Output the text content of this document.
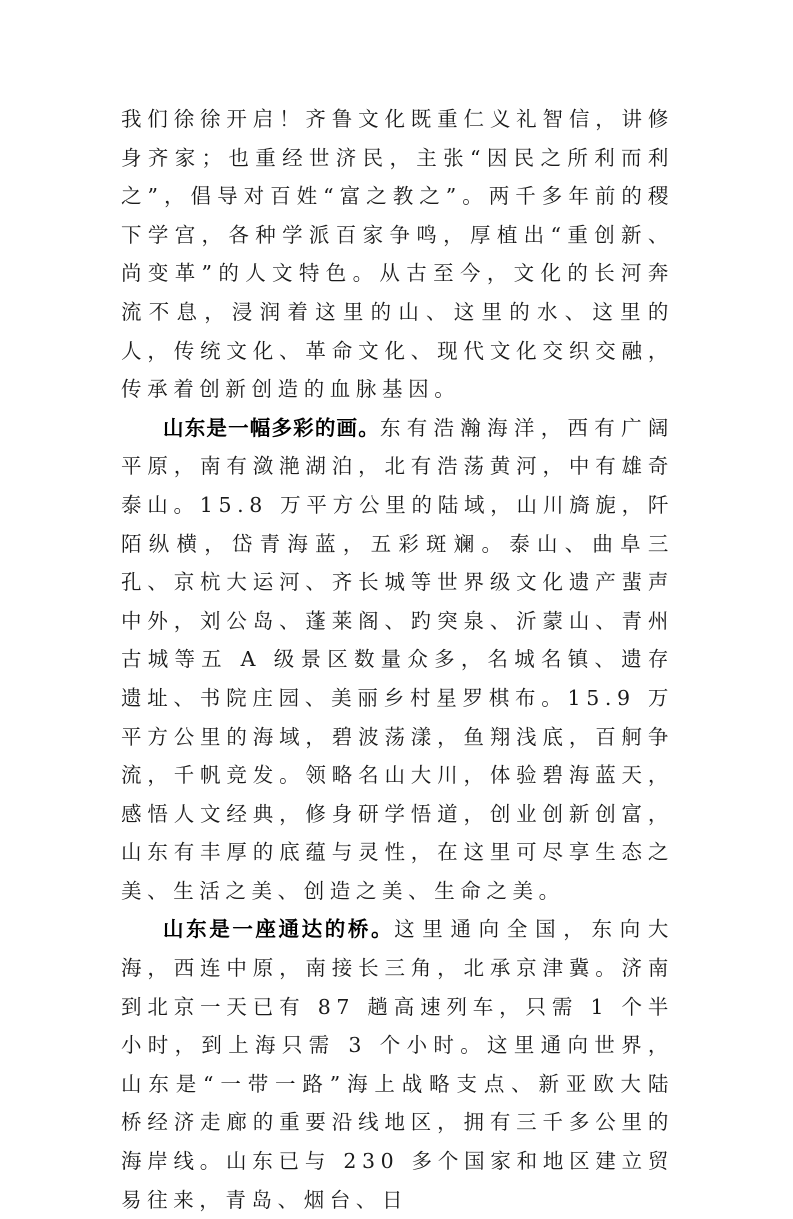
我们徐徐开启！齐鲁文化既重仁义礼智信，讲修身齐家；也重经世济民，主张“因民之所利而利之”，倡导对百姓“富之教之”。两千多年前的稷下学宫，各种学派百家争鸣，厚植出“重创新、尚变革”的人文特色。从古至今，文化的长河奔流不息，浸润着这里的山、这里的水、这里的人，传统文化、革命文化、现代文化交织交融，传承着创新创造的血脉基因。

山东是一幅多彩的画。东有浩瀚海洋，西有广阔平原，南有潋滟湖泊，北有浩荡黄河，中有雄奇泰山。15.8 万平方公里的陆域，山川旖旎，阡陌纵横，岱青海蓝，五彩斑斓。泰山、曲阜三孔、京杭大运河、齐长城等世界级文化遗产蜚声中外，刘公岛、蓬莱阁、趵突泉、沂蒙山、青州古城等五 A 级景区数量众多，名城名镇、遗存遗址、书院庄园、美丽乡村星罗棋布。15.9 万平方公里的海域，碧波荡漾，鱼翔浅底，百舸争流，千帆竞发。领略名山大川，体验碧海蓝天，感悟人文经典，修身研学悟道，创业创新创富，山东有丰厚的底蕴与灵性，在这里可尽享生态之美、生活之美、创造之美、生命之美。

山东是一座通达的桥。这里通向全国，东向大海，西连中原，南接长三角，北承京津冀。济南到北京一天已有 87 趟高速列车，只需 1 个半小时，到上海只需 3 个小时。这里通向世界，山东是“一带一路”海上战略支点、新亚欧大陆桥经济走廊的重要沿线地区，拥有三千多公里的海岸线。山东已与 230 多个国家和地区建立贸易往来，青岛、烟台、日
